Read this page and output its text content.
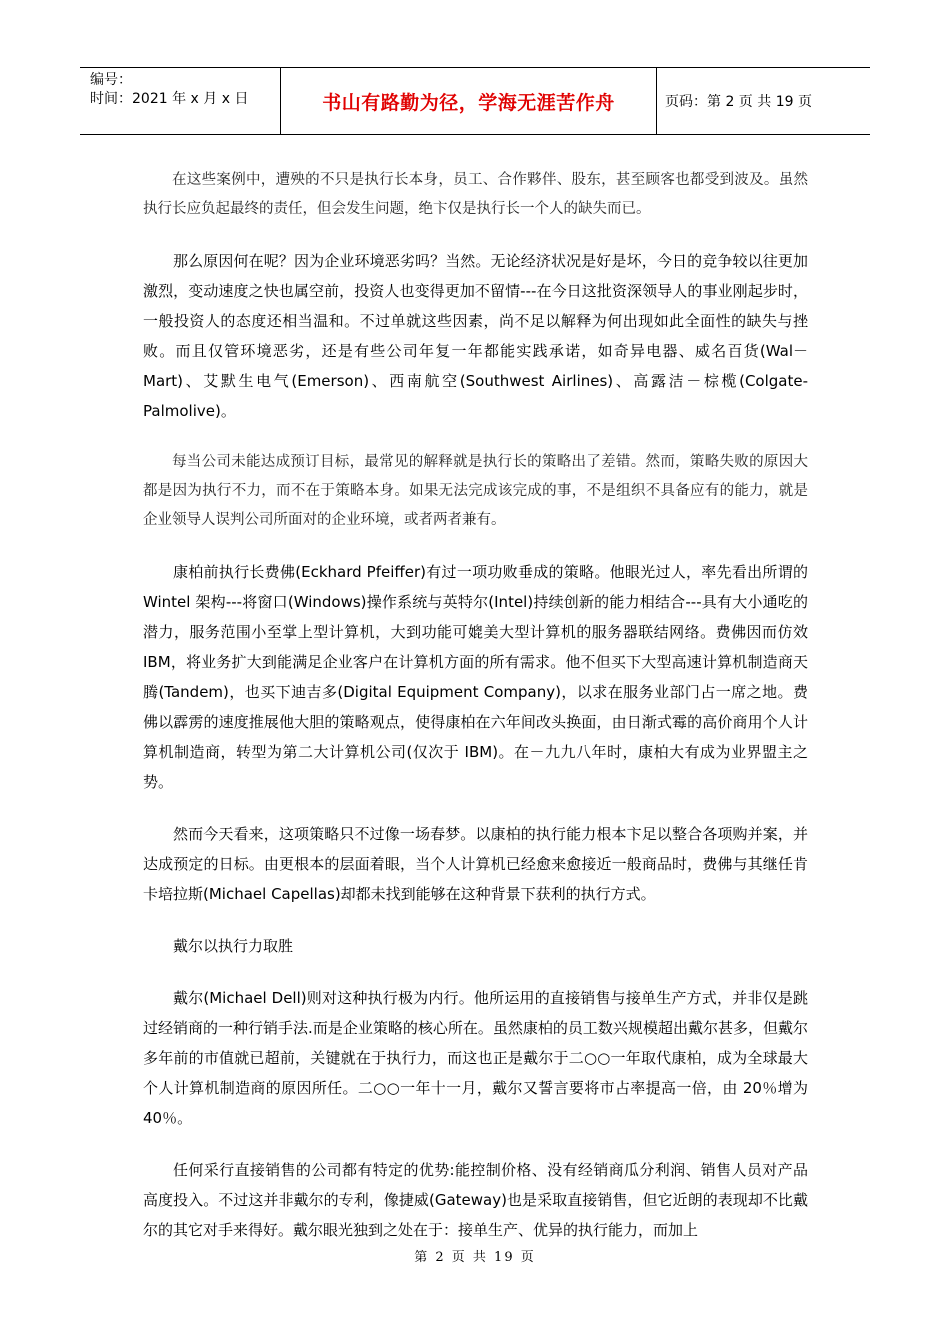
编号：
时间：2021 年 x 月 x 日	书山有路勤为径，学海无涯苦作舟	页码：第 2 页 共 19 页

在这些案例中，遭殃的不只是执行长本身，员工、合作夥伴、股东，甚至顾客也都受到波及。虽然执行长应负起最终的责任，但会发生问题，绝卞仅是执行长一个人的缺失而已。

那么原因何在呢？因为企业环境恶劣吗？当然。无论经济状况是好是坏，今日的竞争较以往更加激烈，变动速度之快也属空前，投资人也变得更加不留情---在今日这批资深领导人的事业刚起步时，一般投资人的态度还相当温和。不过单就这些因素，尚不足以解释为何出现如此全面性的缺失与挫败。而且仅管环境恶劣，还是有些公司年复一年都能实践承诺，如奇异电器、威名百货(Wal－Mart)、艾默生电气(Emerson)、西南航空(Southwest Airlines)、高露洁－棕榄(Colgate-Palmolive)。

每当公司未能达成预订目标，最常见的解释就是执行长的策略出了差错。然而，策略失败的原因大都是因为执行不力，而不在于策略本身。如果无法完成该完成的事，不是组织不具备应有的能力，就是企业领导人误判公司所面对的企业环境，或者两者兼有。

康柏前执行长费佛(Eckhard Pfeiffer)有过一项功败垂成的策略。他眼光过人，率先看出所谓的 Wintel 架构---将窗口(Windows)操作系统与英特尔(Intel)持续创新的能力相结合---具有大小通吃的潜力，服务范围小至掌上型计算机，大到功能可媲美大型计算机的服务器联结网络。费佛因而仿效 IBM，将业务扩大到能满足企业客户在计算机方面的所有需求。他不但买下大型高速计算机制造商天腾(Tandem)，也买下迪吉多(Digital Equipment Company)，以求在服务业部门占一席之地。费佛以霹雳的速度推展他大胆的策略观点，使得康柏在六年间改头换面，由日渐式霉的高价商用个人计算机制造商，转型为第二大计算机公司(仅次于 IBM)。在－九九八年时，康柏大有成为业界盟主之势。

然而今天看来，这项策略只不过像一场春梦。以康柏的执行能力根本卞足以整合各项购并案，并达成预定的日标。由更根本的层面着眼，当个人计算机已经愈来愈接近一般商品时，费佛与其继任肯卡培拉斯(Michael Capellas)却都未找到能够在这种背景下获利的执行方式。

戴尔以执行力取胜

戴尔(Michael Dell)则对这种执行极为内行。他所运用的直接销售与接单生产方式，并非仅是跳过经销商的一种行销手法.而是企业策略的核心所在。虽然康柏的员工数兴规模超出戴尔甚多，但戴尔多年前的市值就已超前，关键就在于执行力，而这也正是戴尔于二○○一年取代康柏，成为全球最大个人计算机制造商的原因所任。二○○一年十一月，戴尔又誓言要将市占率提高一倍，由 20％增为 40％。

任何采行直接销售的公司都有特定的优势:能控制价格、没有经销商瓜分利润、销售人员对产品高度投入。不过这并非戴尔的专利，像捷威(Gateway)也是采取直接销售，但它近朗的表现却不比戴尔的其它对手来得好。戴尔眼光独到之处在于：接单生产、优异的执行能力，而加上

第 2 页 共 19 页
